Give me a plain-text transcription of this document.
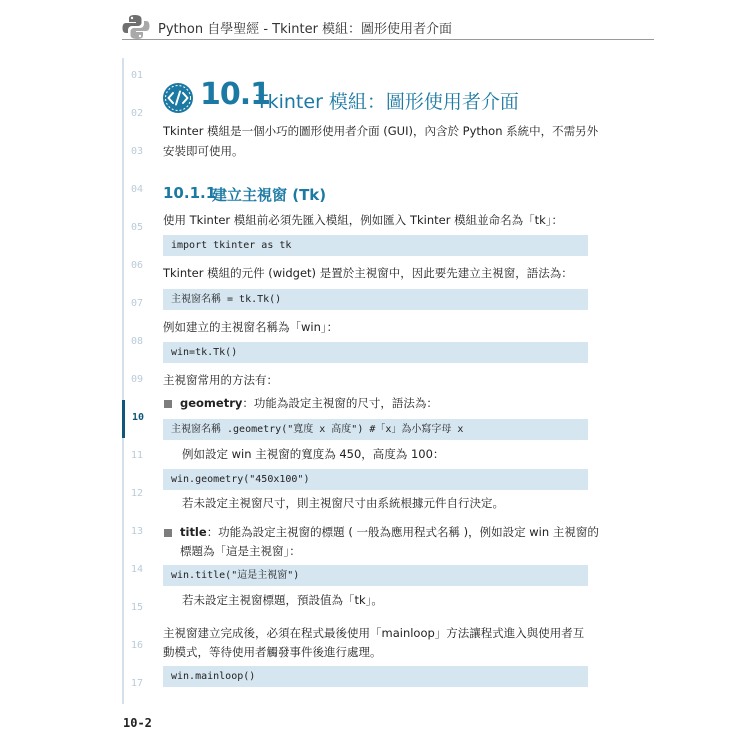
Python 自學聖經 - Tkinter 模組：圖形使用者介面
01
02
03
04
05
06
07
08
09
10
11
12
13
14
15
16
17
10.1
Tkinter 模組：圖形使用者介面
Tkinter 模組是一個小巧的圖形使用者介面 (GUI)，內含於 Python 系統中，不需另外
安裝即可使用。
10.1.1
建立主視窗 (Tk)
使用 Tkinter 模組前必須先匯入模組，例如匯入 Tkinter 模組並命名為「tk」：
import tkinter as tk
Tkinter 模組的元件 (widget) 是置於主視窗中，因此要先建立主視窗，語法為：
主視窗名稱 = tk.Tk()
例如建立的主視窗名稱為「win」：
win=tk.Tk()
主視窗常用的方法有：
geometry：功能為設定主視窗的尺寸，語法為：
主視窗名稱 .geometry("寬度 x 高度") #「x」為小寫字母 x
例如設定 win 主視窗的寬度為 450，高度為 100：
win.geometry("450x100")
若未設定主視窗尺寸，則主視窗尺寸由系統根據元件自行決定。
title：功能為設定主視窗的標題 ( 一般為應用程式名稱 )，例如設定 win 主視窗的
標題為「這是主視窗」：
win.title("這是主視窗")
若未設定主視窗標題，預設值為「tk」。
主視窗建立完成後，必須在程式最後使用「mainloop」方法讓程式進入與使用者互
動模式，等待使用者觸發事件後進行處理。
win.mainloop()
10-2
